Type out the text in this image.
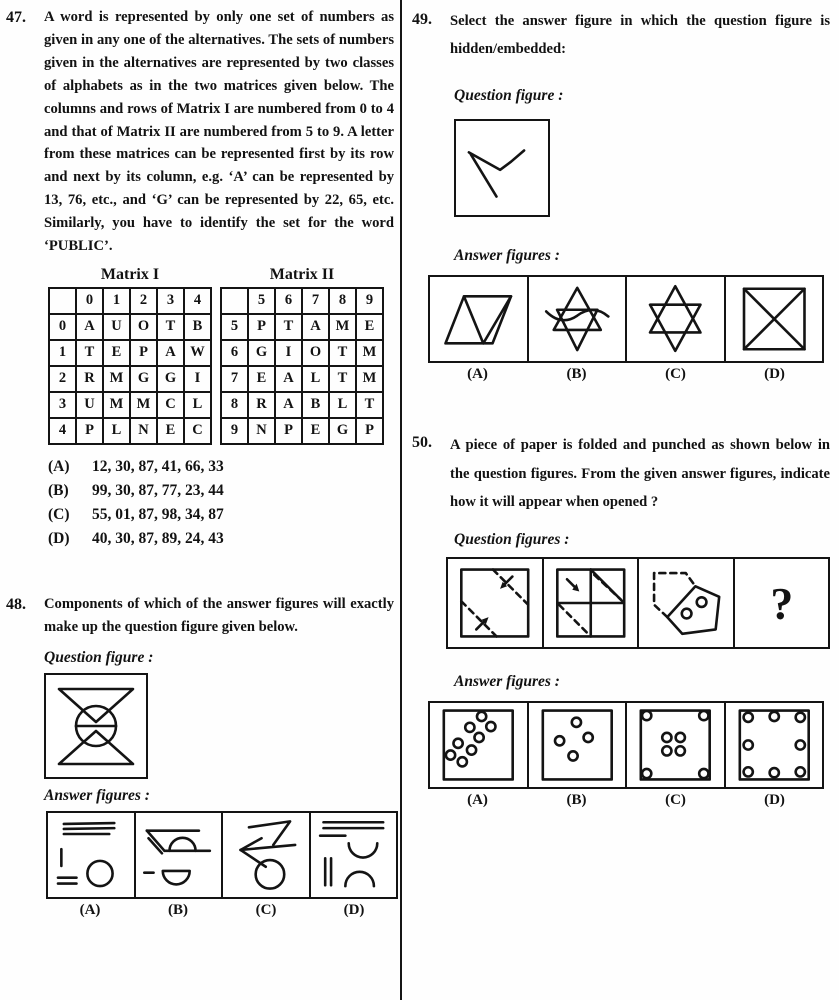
47.	A word is represented by only one set of numbers as given in any one of the alternatives. The sets of numbers given in the alternatives are represented by two classes of alphabets as in the two matrices given below. The columns and rows of Matrix I are numbered from 0 to 4 and that of Matrix II are numbered from 5 to 9. A letter from these matrices can be represented first by its row and next by its column, e.g. ‘A’ can be represented by 13, 76, etc., and ‘G’ can be represented by 22, 65, etc. Similarly, you have to identify the set for the word ‘PUBLIC’.
Matrix I
	0	1	2	3	4
0	A	U	O	T	B
1	T	E	P	A	W
2	R	M	G	G	I
3	U	M	M	C	L
4	P	L	N	E	C
Matrix II
	5	6	7	8	9
5	P	T	A	M	E
6	G	I	O	T	M
7	E	A	L	T	M
8	R	A	B	L	T
9	N	P	E	G	P
(A)	12, 30, 87, 41, 66, 33
(B)	99, 30, 87, 77, 23, 44
(C)	55, 01, 87, 98, 34, 87
(D)	40, 30, 87, 89, 24, 43
48.	Components of which of the answer figures will exactly make up the question figure given below.
Question figure :
Answer figures :
(A)	(B)	(C)	(D)
49.	Select the answer figure in which the question figure is hidden/embedded:
Question figure :
Answer figures :
(A)	(B)	(C)	(D)
50.	A piece of paper is folded and punched as shown below in the question figures. From the given answer figures, indicate how it will appear when opened ?
Question figures :
?
Answer figures :
(A)	(B)	(C)	(D)
